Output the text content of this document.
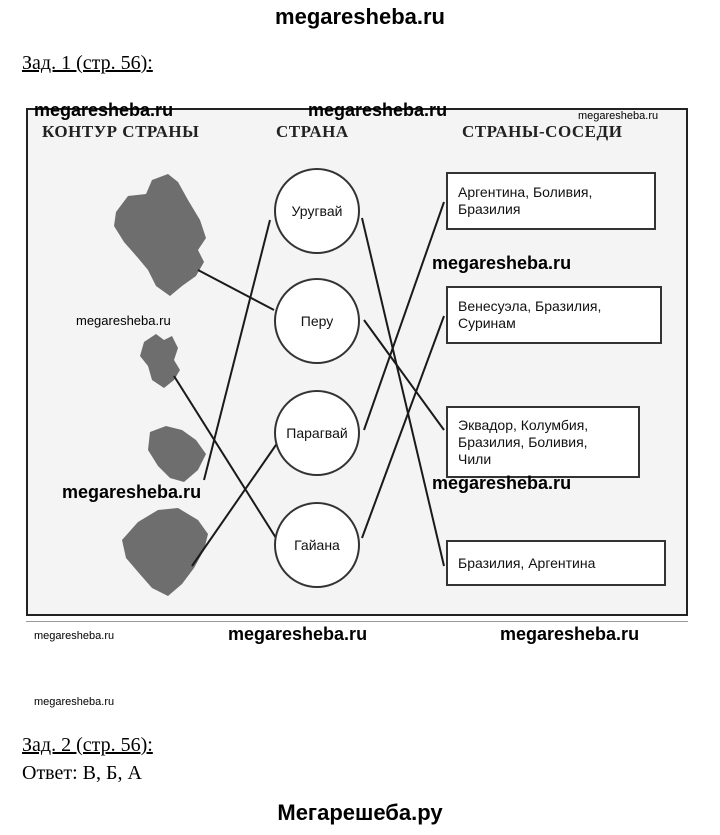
megaresheba.ru
Зад. 1 (стр. 56):
КОНТУР СТРАНЫ	СТРАНА	СТРАНЫ-СОСЕДИ
Уругвай
Перу
Парагвай
Гайана
Аргентина, Боливия,
Бразилия
Венесуэла, Бразилия,
Суринам
Эквадор, Колумбия,
Бразилия, Боливия,
Чили
Бразилия, Аргентина
megaresheba.ru	megaresheba.ru	megaresheba.ru
megaresheba.ru
megaresheba.ru
megaresheba.ru
megaresheba.ru
megaresheba.ru	megaresheba.ru	megaresheba.ru
megaresheba.ru
Зад. 2 (стр. 56):
Ответ: В, Б, А
Мегарешеба.ру
